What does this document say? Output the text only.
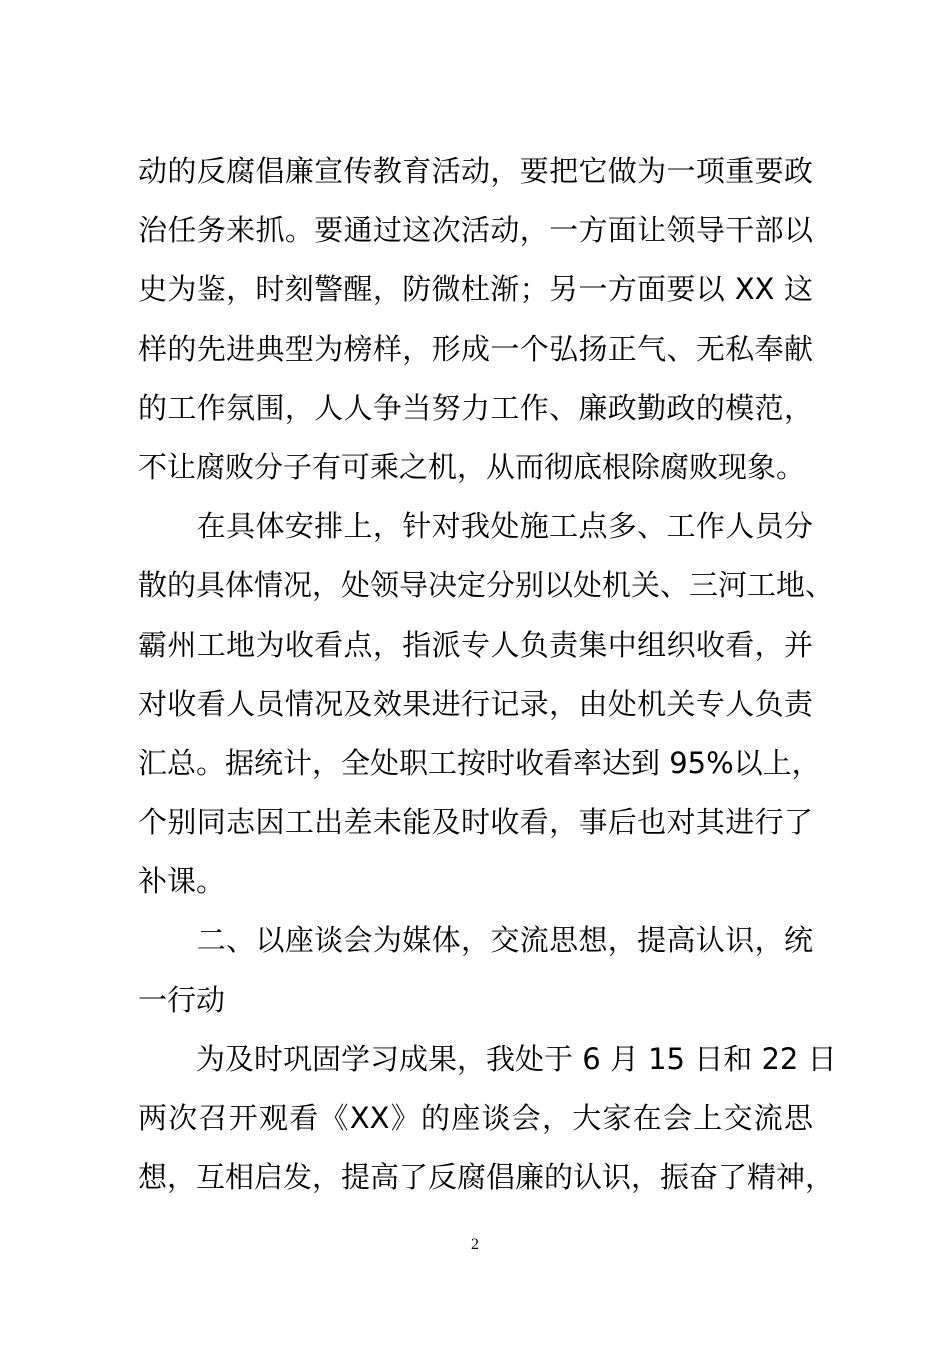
动的反腐倡廉宣传教育活动，要把它做为一项重要政
治任务来抓。要通过这次活动，一方面让领导干部以
史为鉴，时刻警醒，防微杜渐；另一方面要以 XX 这
样的先进典型为榜样，形成一个弘扬正气、无私奉献
的工作氛围，人人争当努力工作、廉政勤政的模范，
不让腐败分子有可乘之机，从而彻底根除腐败现象。
　　在具体安排上，针对我处施工点多、工作人员分
散的具体情况，处领导决定分别以处机关、三河工地、
霸州工地为收看点，指派专人负责集中组织收看，并
对收看人员情况及效果进行记录，由处机关专人负责
汇总。据统计，全处职工按时收看率达到 95%以上，
个别同志因工出差未能及时收看，事后也对其进行了
补课。
　　二、以座谈会为媒体，交流思想，提高认识，统
一行动
　　为及时巩固学习成果，我处于 6 月 15 日和 22 日
两次召开观看《XX》的座谈会，大家在会上交流思
想，互相启发，提高了反腐倡廉的认识，振奋了精神，
2
